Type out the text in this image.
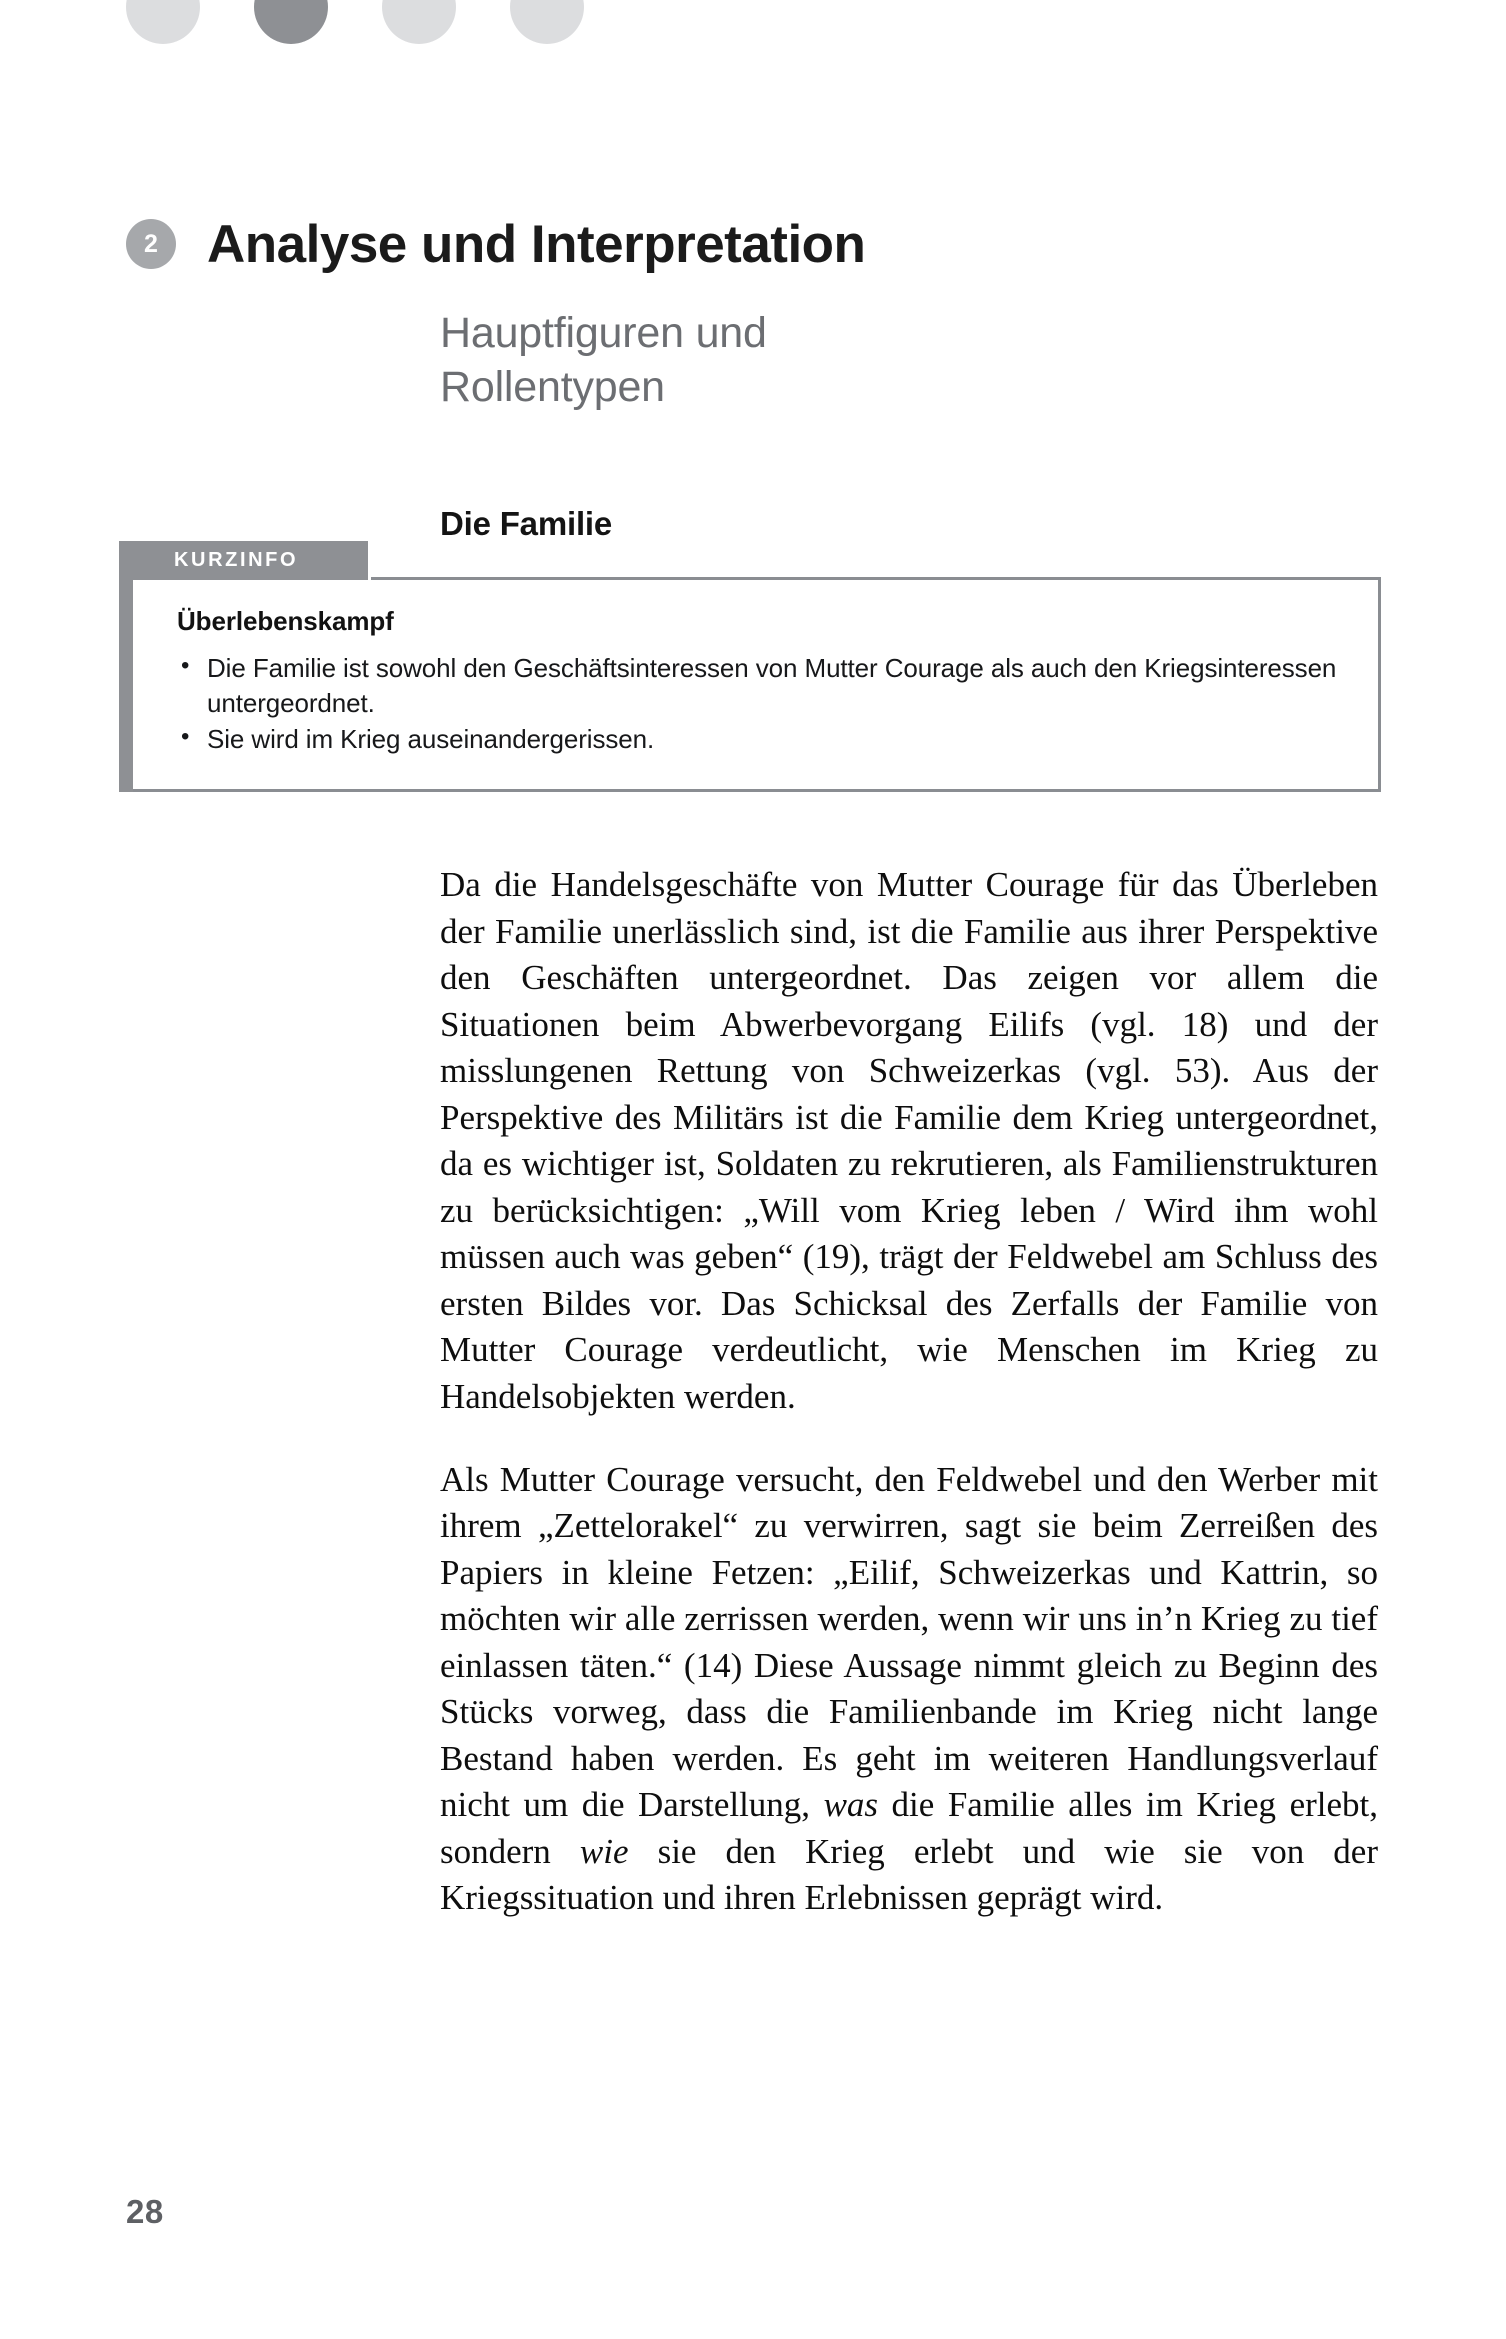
2 Analyse und Interpretation
Hauptfiguren und
Rollentypen
Die Familie
KURZINFO
Überlebenskampf
• Die Familie ist sowohl den Geschäftsinteressen von Mutter Courage als auch den Kriegsinteressen untergeordnet.
• Sie wird im Krieg auseinandergerissen.

Da die Handelsgeschäfte von Mutter Courage für das Überleben der Familie unerlässlich sind, ist die Familie aus ihrer Perspektive den Geschäften untergeordnet. Das zeigen vor allem die Situationen beim Abwerbevorgang Eilifs (vgl. 18) und der misslungenen Rettung von Schweizerkas (vgl. 53). Aus der Perspektive des Militärs ist die Familie dem Krieg untergeordnet, da es wichtiger ist, Soldaten zu rekrutieren, als Familienstrukturen zu berücksichtigen: „Will vom Krieg leben / Wird ihm wohl müssen auch was geben“ (19), trägt der Feldwebel am Schluss des ersten Bildes vor. Das Schicksal des Zerfalls der Familie von Mutter Courage verdeutlicht, wie Menschen im Krieg zu Handelsobjekten werden.

Als Mutter Courage versucht, den Feldwebel und den Werber mit ihrem „Zettelorakel“ zu verwirren, sagt sie beim Zerreißen des Papiers in kleine Fetzen: „Eilif, Schweizerkas und Kattrin, so möchten wir alle zerrissen werden, wenn wir uns in’n Krieg zu tief einlassen täten.“ (14) Diese Aussage nimmt gleich zu Beginn des Stücks vorweg, dass die Familienbande im Krieg nicht lange Bestand haben werden. Es geht im weiteren Handlungsverlauf nicht um die Darstellung, was die Familie alles im Krieg erlebt, sondern wie sie den Krieg erlebt und wie sie von der Kriegssituation und ihren Erlebnissen geprägt wird.

28
